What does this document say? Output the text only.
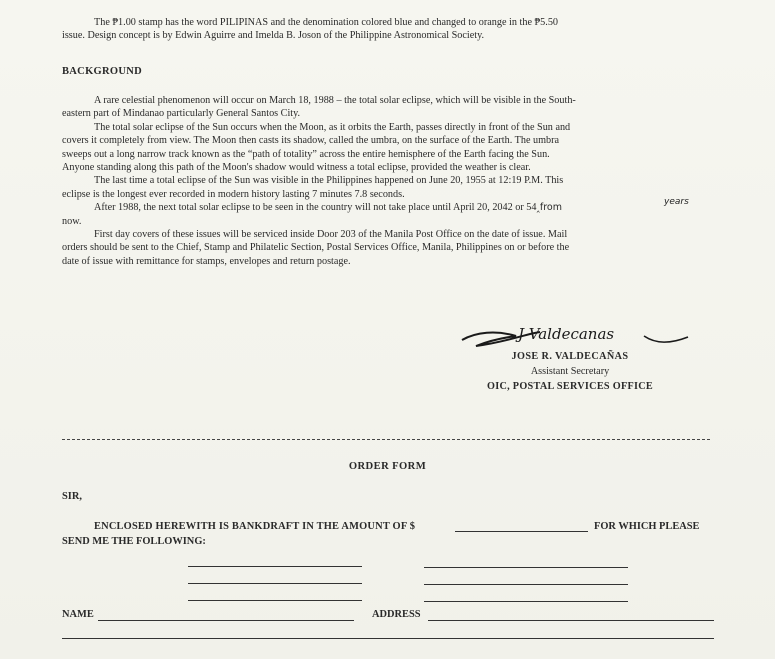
The ₱1.00 stamp has the word PILIPINAS and the denomination colored blue and changed to orange in the ₱5.50
issue. Design concept is by Edwin Aguirre and Imelda B. Joson of the Philippine Astronomical Society.
BACKGROUND
A rare celestial phenomenon will occur on March 18, 1988 – the total solar eclipse, which will be visible in the South-
eastern part of Mindanao particularly General Santos City.
The total solar eclipse of the Sun occurs when the Moon, as it orbits the Earth, passes directly in front of the Sun and
covers it completely from view. The Moon then casts its shadow, called the umbra, on the surface of the Earth. The umbra
sweeps out a long narrow track known as the “path of totality” across the entire hemisphere of the Earth facing the Sun.
Anyone standing along this path of the Moon's shadow would witness a total eclipse, provided the weather is clear.
The last time a total eclipse of the Sun was visible in the Philippines happened on June 20, 1955 at 12:19 P.M. This
eclipse is the longest ever recorded in modern history lasting 7 minutes 7.8 seconds.
After 1988, the next total solar eclipse to be seen in the country will not take place until April 20, 2042 or 54‸from
now.
First day covers of these issues will be serviced inside Door 203 of the Manila Post Office on the date of issue. Mail
orders should be sent to the Chief, Stamp and Philatelic Section, Postal Services Office, Manila, Philippines on or before the
date of issue with remittance for stamps, envelopes and return postage.
years
J Valdecanas
JOSE R. VALDECAÑAS
Assistant Secretary
OIC, POSTAL SERVICES OFFICE
ORDER FORM
SIR,
ENCLOSED HEREWITH IS BANKDRAFT IN THE AMOUNT OF $	FOR WHICH PLEASE
SEND ME THE FOLLOWING:
NAME	ADDRESS
